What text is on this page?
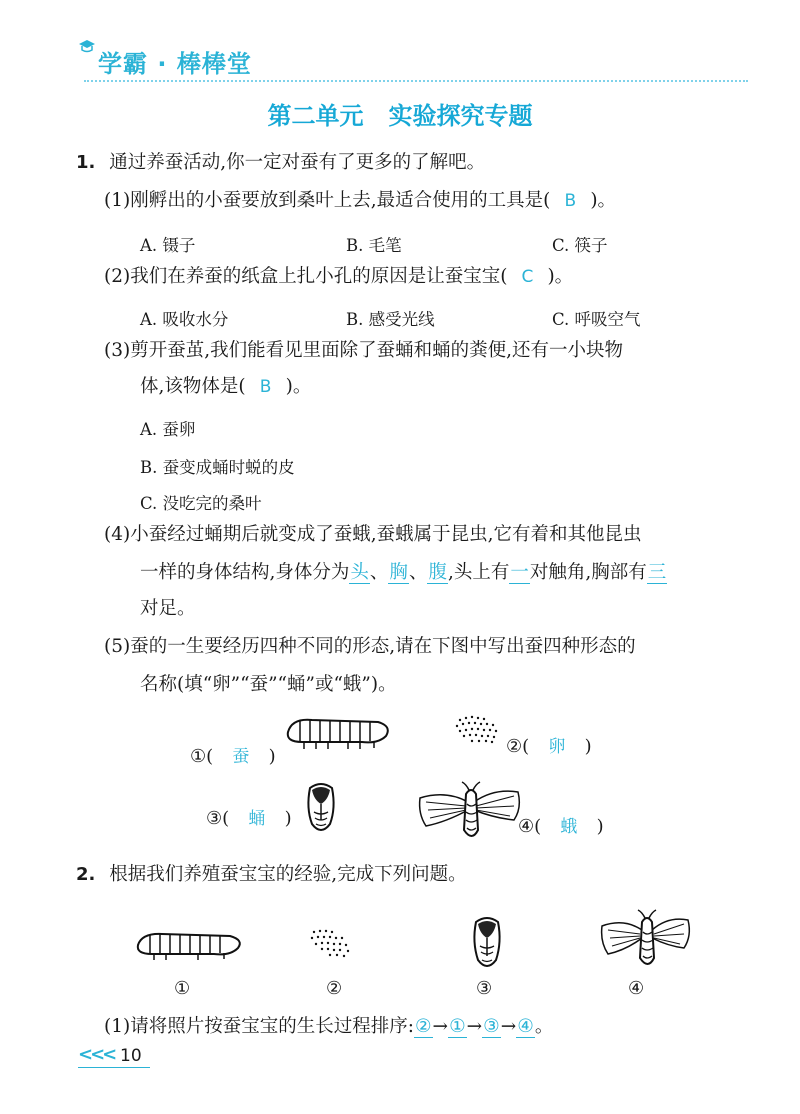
学霸 · 棒棒堂
第二单元   实验探究专题
1. 通过养蚕活动,你一定对蚕有了更多的了解吧。
(1)刚孵出的小蚕要放到桑叶上去,最适合使用的工具是( B )。
A. 镊子	B. 毛笔	C. 筷子
(2)我们在养蚕的纸盒上扎小孔的原因是让蚕宝宝( C )。
A. 吸收水分	B. 感受光线	C. 呼吸空气
(3)剪开蚕茧,我们能看见里面除了蚕蛹和蛹的粪便,还有一小块物
体,该物体是( B )。
A. 蚕卵
B. 蚕变成蛹时蜕的皮
C. 没吃完的桑叶
(4)小蚕经过蛹期后就变成了蚕蛾,蚕蛾属于昆虫,它有着和其他昆虫
一样的身体结构,身体分为头、胸、腹,头上有一对触角,胸部有三
对足。
(5)蚕的一生要经历四种不同的形态,请在下图中写出蚕四种形态的
名称(填“卵”“蚕”“蛹”或“蛾”)。
①( 蚕 )	②( 卵 )
③( 蛹 )	④( 蛾 )
2. 根据我们养殖蚕宝宝的经验,完成下列问题。
①	②	③	④
(1)请将照片按蚕宝宝的生长过程排序:②→①→③→④。
<<< 10
